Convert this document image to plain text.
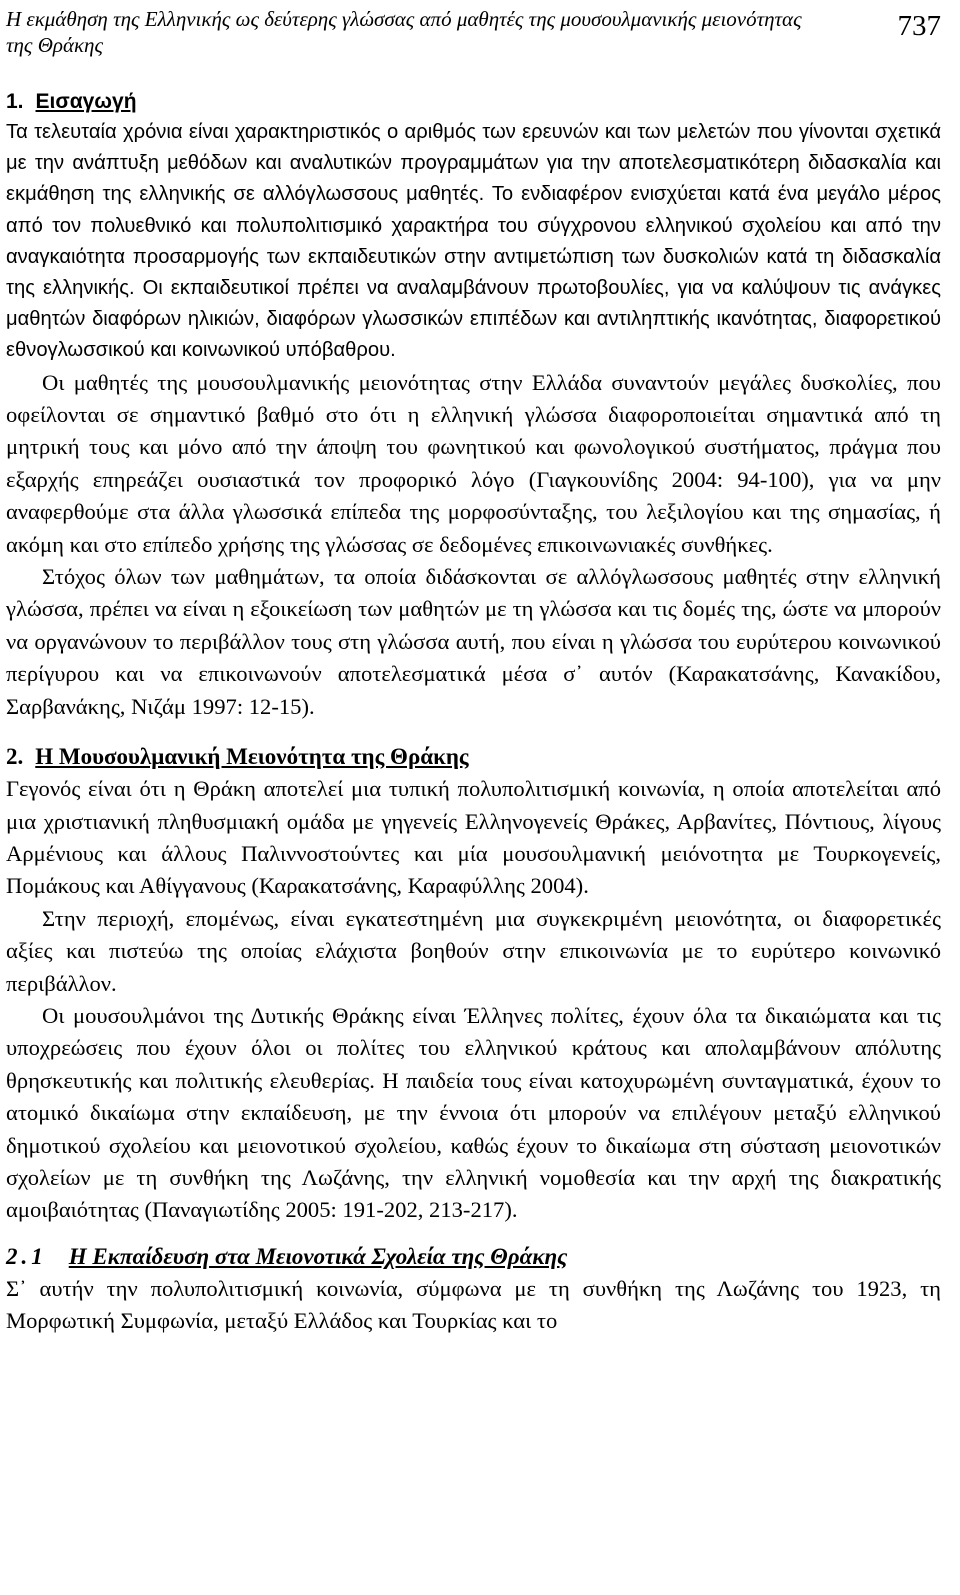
Η εκμάθηση της Ελληνικής ως δεύτερης γλώσσας από μαθητές της μουσουλμανικής μειονότητας της Θράκης
737
1. Εισαγωγή

Τα τελευταία χρόνια είναι χαρακτηριστικός ο αριθμός των ερευνών και των μελετών που γίνονται σχετικά με την ανάπτυξη μεθόδων και αναλυτικών προγραμμάτων για την αποτελεσματικότερη διδασκαλία και εκμάθηση της ελληνικής σε αλλόγλωσσους μαθητές. Το ενδιαφέρον ενισχύεται κατά ένα μεγάλο μέρος από τον πολυεθνικό και πολυπολιτισμικό χαρακτήρα του σύγχρονου ελληνικού σχολείου και από την αναγκαιότητα προσαρμογής των εκπαιδευτικών στην αντιμετώπιση των δυσκολιών κατά τη διδασκαλία της ελληνικής. Οι εκπαιδευτικοί πρέπει να αναλαμβάνουν πρωτοβουλίες, για να καλύψουν τις ανάγκες μαθητών διαφόρων ηλικιών, διαφόρων γλωσσικών επιπέδων και αντιληπτικής ικανότητας, διαφορετικού εθνογλωσσικού και κοινωνικού υπόβαθρου.

Οι μαθητές της μουσουλμανικής μειονότητας στην Ελλάδα συναντούν μεγάλες δυσκολίες, που οφείλονται σε σημαντικό βαθμό στο ότι η ελληνική γλώσσα διαφοροποιείται σημαντικά από τη μητρική τους και μόνο από την άποψη του φωνητικού και φωνολογικού συστήματος, πράγμα που εξαρχής επηρεάζει ουσιαστικά τον προφορικό λόγο (Γιαγκουνίδης 2004: 94-100), για να μην αναφερθούμε στα άλλα γλωσσικά επίπεδα της μορφοσύνταξης, του λεξιλογίου και της σημασίας, ή ακόμη και στο επίπεδο χρήσης της γλώσσας σε δεδομένες επικοινωνιακές συνθήκες.

Στόχος όλων των μαθημάτων, τα οποία διδάσκονται σε αλλόγλωσσους μαθητές στην ελληνική γλώσσα, πρέπει να είναι η εξοικείωση των μαθητών με τη γλώσσα και τις δομές της, ώστε να μπορούν να οργανώνουν το περιβάλλον τους στη γλώσσα αυτή, που είναι η γλώσσα του ευρύτερου κοινωνικού περίγυρου και να επικοινωνούν αποτελεσματικά μέσα σ᾽ αυτόν (Καρακατσάνης, Κανακίδου, Σαρβανάκης, Νιζάμ 1997: 12-15).

2. Η Μουσουλμανική Μειονότητα της Θράκης

Γεγονός είναι ότι η Θράκη αποτελεί μια τυπική πολυπολιτισμική κοινωνία, η οποία αποτελείται από μια χριστιανική πληθυσμιακή ομάδα με γηγενείς Ελληνογενείς Θράκες, Αρβανίτες, Πόντιους, λίγους Αρμένιους και άλλους Παλιννοστούντες και μία μουσουλμανική μειόνοτητα με Τουρκογενείς, Πομάκους και Αθίγγανους (Καρακατσάνης, Καραφύλλης 2004).

Στην περιοχή, επομένως, είναι εγκατεστημένη μια συγκεκριμένη μειονότητα, οι διαφορετικές αξίες και πιστεύω της οποίας ελάχιστα βοηθούν στην επικοινωνία με το ευρύτερο κοινωνικό περιβάλλον.

Οι μουσουλμάνοι της Δυτικής Θράκης είναι Έλληνες πολίτες, έχουν όλα τα δικαιώματα και τις υποχρεώσεις που έχουν όλοι οι πολίτες του ελληνικού κράτους και απολαμβάνουν απόλυτης θρησκευτικής και πολιτικής ελευθερίας. Η παιδεία τους είναι κατοχυρωμένη συνταγματικά, έχουν το ατομικό δικαίωμα στην εκπαίδευση, με την έννοια ότι μπορούν να επιλέγουν μεταξύ ελληνικού δημοτικού σχολείου και μειονοτικού σχολείου, καθώς έχουν το δικαίωμα στη σύσταση μειονοτικών σχολείων με τη συνθήκη της Λωζάνης, την ελληνική νομοθεσία και την αρχή της διακρατικής αμοιβαιότητας (Παναγιωτίδης 2005: 191-202, 213-217).

2.1 Η Εκπαίδευση στα Μειονοτικά Σχολεία της Θράκης

Σ᾽ αυτήν την πολυπολιτισμική κοινωνία, σύμφωνα με τη συνθήκη της Λωζάνης του 1923, τη Μορφωτική Συμφωνία, μεταξύ Ελλάδος και Τουρκίας και το
